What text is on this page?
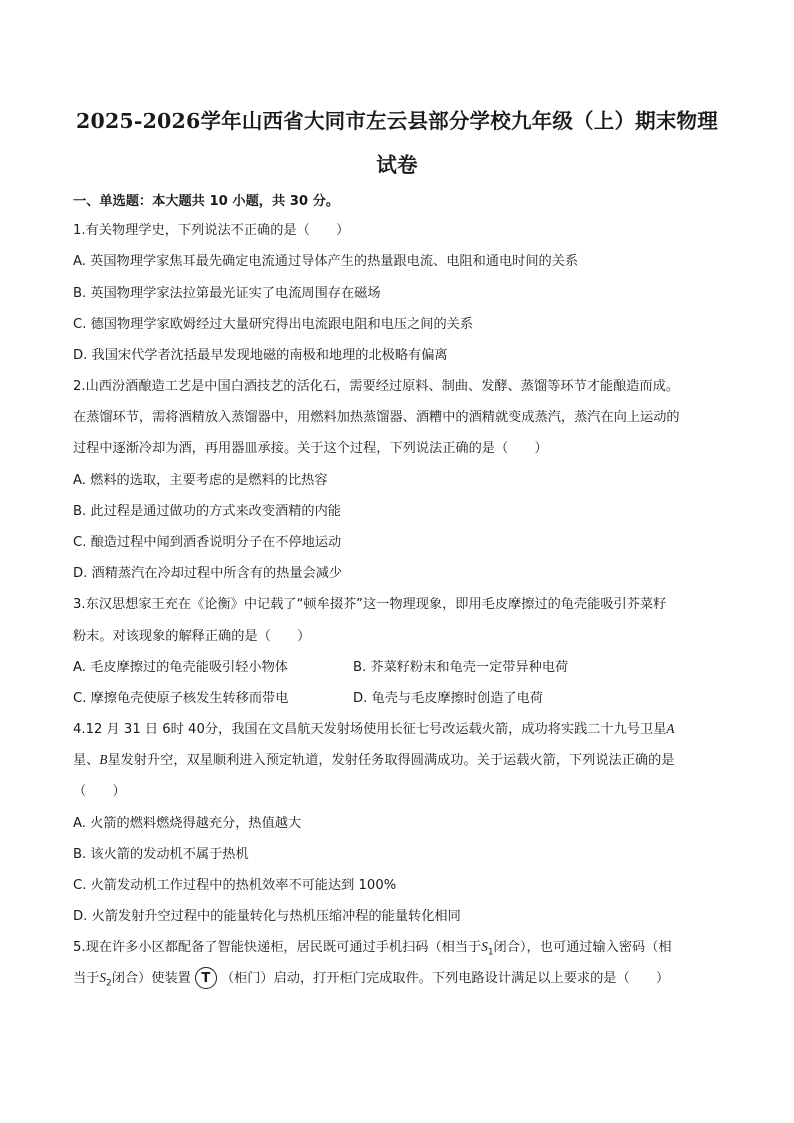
2025-2026学年山西省大同市左云县部分学校九年级（上）期末物理
试卷
一、单选题：本大题共 10 小题，共 30 分。
1.有关物理学史，下列说法不正确的是（　　）
A. 英国物理学家焦耳最先确定电流通过导体产生的热量跟电流、电阻和通电时间的关系
B. 英国物理学家法拉第最光证实了电流周围存在磁场
C. 德国物理学家欧姆经过大量研究得出电流跟电阻和电压之间的关系
D. 我国宋代学者沈括最早发现地磁的南极和地理的北极略有偏离
2.山西汾酒酿造工艺是中国白酒技艺的活化石，需要经过原料、制曲、发酵、蒸馏等环节才能酿造而成。
在蒸馏环节，需将酒精放入蒸馏器中，用燃料加热蒸馏器、酒糟中的酒精就变成蒸汽，蒸汽在向上运动的
过程中逐渐冷却为酒，再用器皿承接。关于这个过程，下列说法正确的是（　　）
A. 燃料的选取，主要考虑的是燃料的比热容
B. 此过程是通过做功的方式来改变酒精的内能
C. 酿造过程中闻到酒香说明分子在不停地运动
D. 酒精蒸汽在冷却过程中所含有的热量会减少
3.东汉思想家王充在《论衡》中记载了“顿牟掇芥”这一物理现象，即用毛皮摩擦过的龟壳能吸引芥菜籽
粉末。对该现象的解释正确的是（　　）
A. 毛皮摩擦过的龟壳能吸引轻小物体	B. 芥菜籽粉末和龟壳一定带异种电荷
C. 摩擦龟壳使原子核发生转移而带电	D. 龟壳与毛皮摩擦时创造了电荷
4.12 月 31 日 6时 40分，我国在文昌航天发射场使用长征七号改运载火箭，成功将实践二十九号卫星A
星、B星发射升空，双星顺利进入预定轨道，发射任务取得圆满成功。关于运载火箭，下列说法正确的是
（　　）
A. 火箭的燃料燃烧得越充分，热值越大
B. 该火箭的发动机不属于热机
C. 火箭发动机工作过程中的热机效率不可能达到 100%
D. 火箭发射升空过程中的能量转化与热机压缩冲程的能量转化相同
5.现在许多小区都配备了智能快递柜，居民既可通过手机扫码（相当于$S_1$闭合），也可通过输入密码（相
当于$S_2$闭合）使装置 T （柜门）启动，打开柜门完成取件。下列电路设计满足以上要求的是（　　）
